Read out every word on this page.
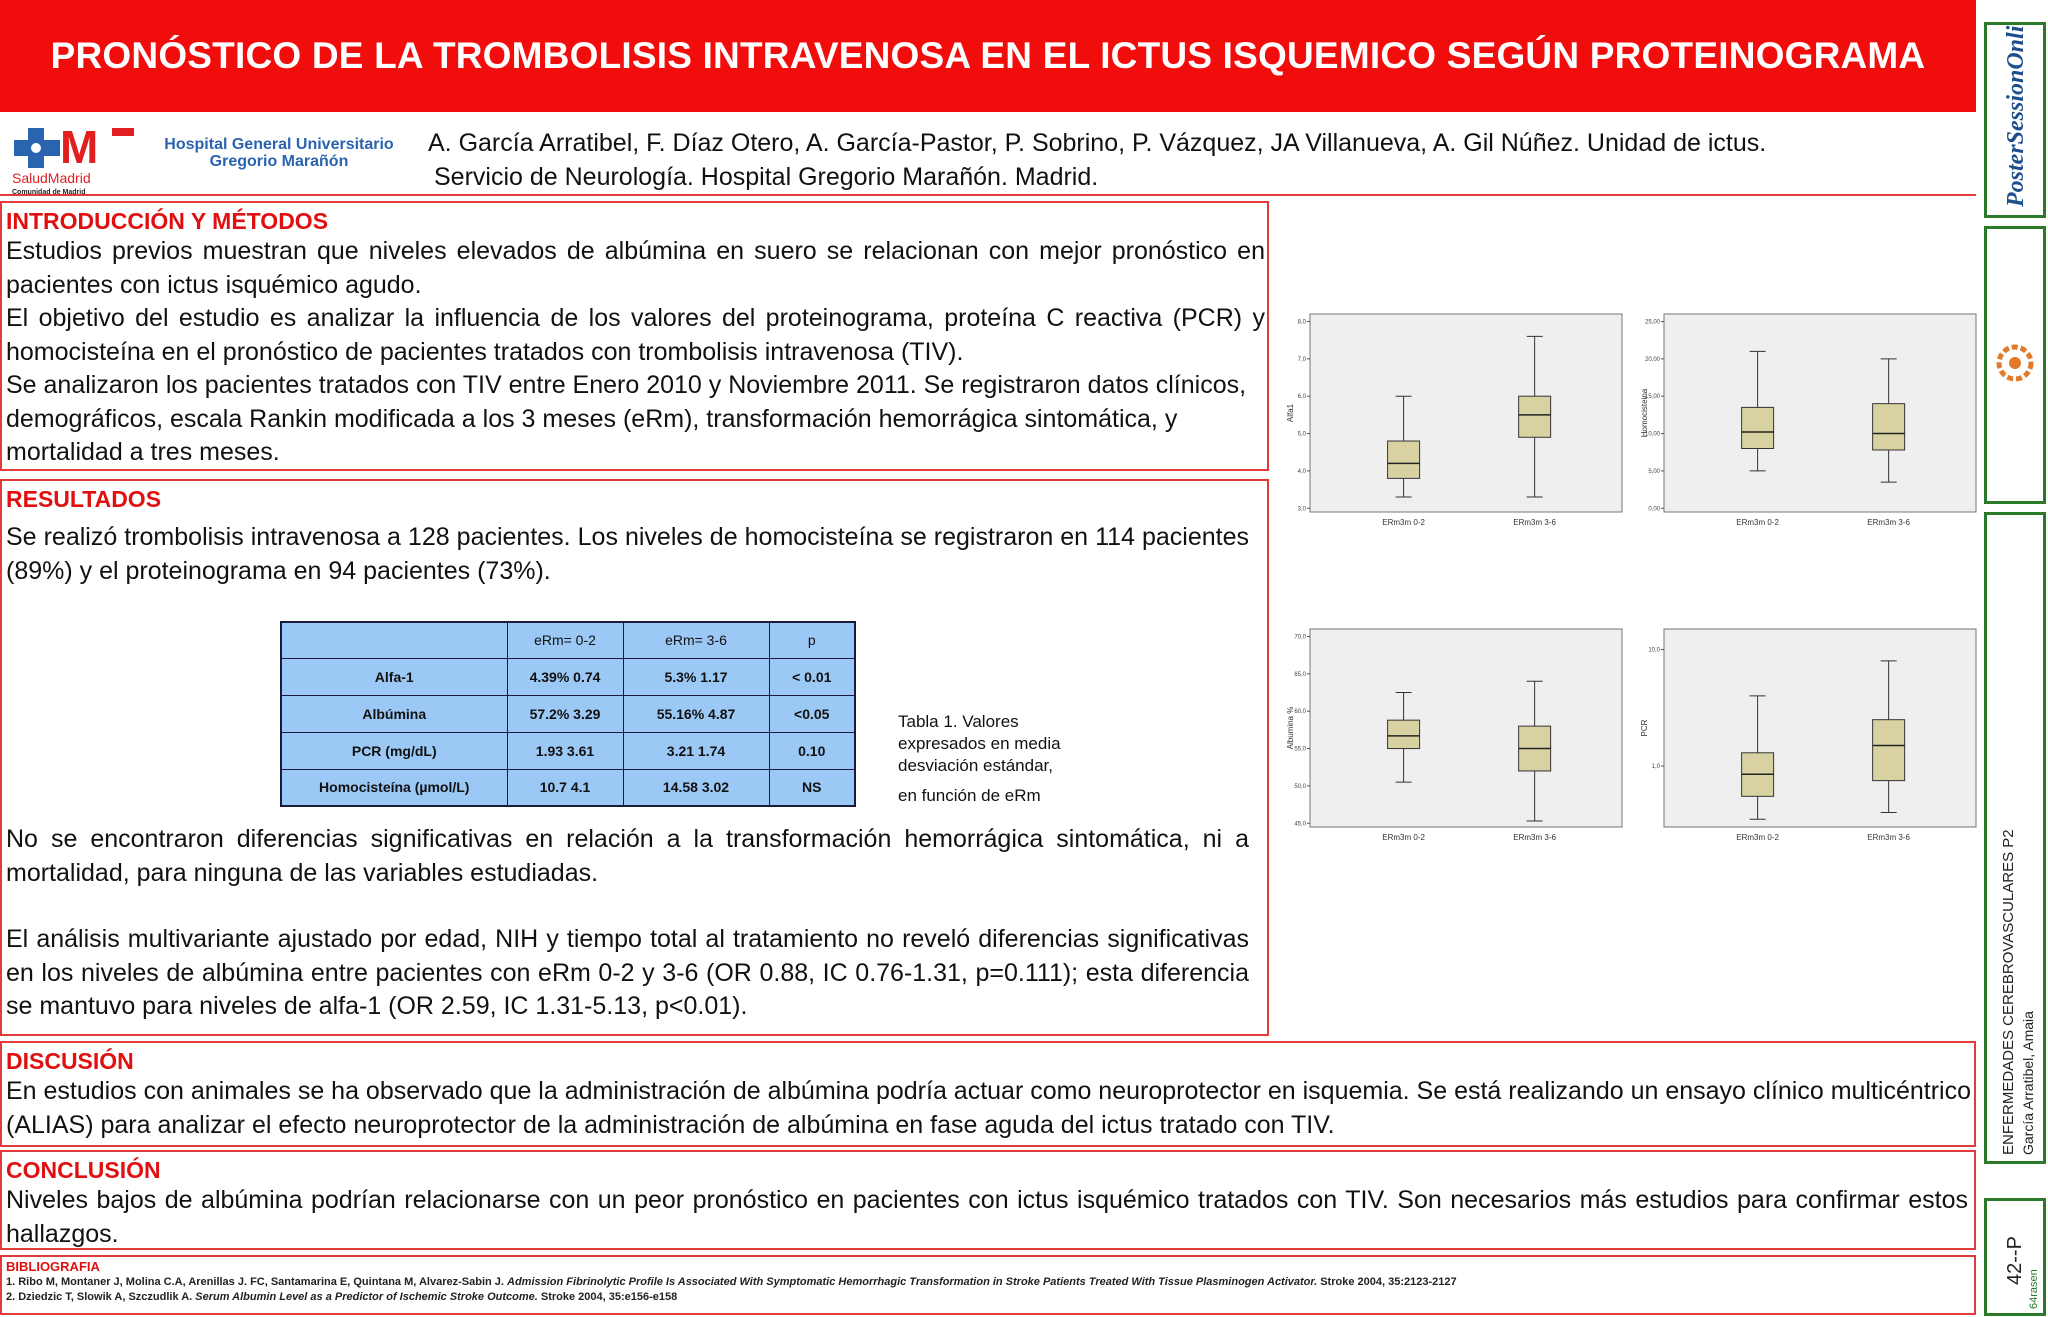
PRONÓSTICO DE LA TROMBOLISIS INTRAVENOSA EN EL ICTUS ISQUEMICO SEGÚN PROTEINOGRAMA
M	Hospital General Universitario
Gregorio Marañón
SaludMadrid
Comunidad de Madrid
A. García Arratibel, F. Díaz Otero, A. García-Pastor, P. Sobrino, P. Vázquez, JA Villanueva, A. Gil Núñez. Unidad de ictus.
Servicio de Neurología. Hospital Gregorio Marañón. Madrid.
INTRODUCCIÓN Y MÉTODOS
Estudios previos muestran que niveles elevados de albúmina en suero se relacionan con mejor pronóstico en pacientes con ictus isquémico agudo.
El objetivo del estudio es analizar la influencia de los valores del proteinograma, proteína C reactiva (PCR) y homocisteína en el pronóstico de pacientes tratados con trombolisis intravenosa (TIV).
Se analizaron los pacientes tratados con TIV entre Enero 2010 y Noviembre 2011. Se registraron datos clínicos, demográficos, escala Rankin modificada a los 3 meses (eRm), transformación hemorrágica sintomática, y mortalidad a tres meses.
RESULTADOS
Se realizó trombolisis intravenosa a 128 pacientes. Los niveles de homocisteína se registraron en 114 pacientes (89%) y el proteinograma en 94 pacientes (73%).
	eRm= 0-2	eRm= 3-6	p
Alfa-1	4.39% 0.74	5.3% 1.17	< 0.01
Albúmina	57.2% 3.29	55.16% 4.87	<0.05
PCR (mg/dL)	1.93 3.61	3.21 1.74	0.10
Homocisteína (µmol/L)	10.7 4.1	14.58 3.02	NS
Tabla 1. Valores expresados en media desviación estándar,
en función de eRm
No se encontraron diferencias significativas en relación a la transformación hemorrágica sintomática, ni a mortalidad, para ninguna de las variables estudiadas.
El análisis multivariante ajustado por edad, NIH y tiempo total al tratamiento no reveló diferencias significativas en los niveles de albúmina entre pacientes con eRm 0-2 y 3-6 (OR 0.88, IC 0.76-1.31, p=0.111); esta diferencia se mantuvo para niveles de alfa-1 (OR 2.59, IC 1.31-5.13, p<0.01).
3,0
4,0
5,0
6,0
7,0
8,0
Alfa1
ERm3m 0-2	ERm3m 3-6
0,00
5,00
10,00
15,00
20,00
25,00
Homocisteina
ERm3m 0-2	ERm3m 3-6
45,0
50,0
55,0
60,0
65,0
70,0
Albumina %
ERm3m 0-2	ERm3m 3-6
1,0
10,0
PCR
ERm3m 0-2	ERm3m 3-6
DISCUSIÓN
En estudios con animales se ha observado que la administración de albúmina podría actuar como neuroprotector en isquemia. Se está realizando un ensayo clínico multicéntrico (ALIAS) para analizar el efecto neuroprotector de la administración de albúmina en fase aguda del ictus tratado con TIV.
CONCLUSIÓN
Niveles bajos de albúmina podrían relacionarse con un peor pronóstico en pacientes con ictus isquémico tratados con TIV. Son necesarios más estudios para confirmar estos hallazgos.
BIBLIOGRAFIA
1. Ribo M, Montaner J, Molina C.A, Arenillas J. FC, Santamarina E, Quintana M, Alvarez-Sabin J. Admission Fibrinolytic Profile Is Associated With Symptomatic Hemorrhagic Transformation in Stroke Patients Treated With Tissue Plasminogen Activator. Stroke 2004, 35:2123-2127
2. Dziedzic T, Slowik A, Szczudlik A. Serum Albumin Level as a Predictor of Ischemic Stroke Outcome. Stroke 2004, 35:e156-e158
PosterSessionOnline
ENFERMEDADES CEREBROVASCULARES P2 García Arratibel, Amaia
42--P
64rasen
